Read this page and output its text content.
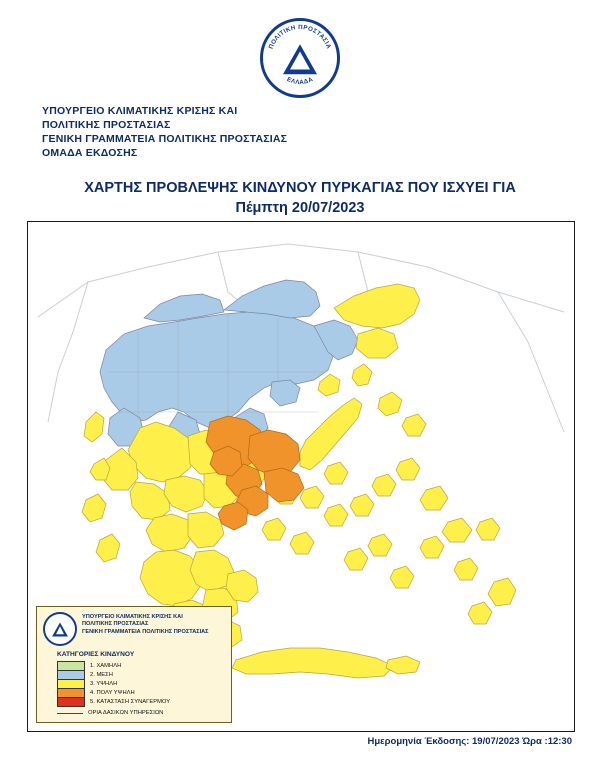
ΠΟΛΙΤΙΚΗ ΠΡΟΣΤΑΣΙΑ
ΕΛΛΑΔΑ
ΥΠΟΥΡΓΕΙΟ ΚΛΙΜΑΤΙΚΗΣ ΚΡΙΣΗΣ ΚΑΙ
ΠΟΛΙΤΙΚΗΣ ΠΡΟΣΤΑΣΙΑΣ
ΓΕΝΙΚΗ ΓΡΑΜΜΑΤΕΙΑ ΠΟΛΙΤΙΚΗΣ ΠΡΟΣΤΑΣΙΑΣ
ΟΜΑΔΑ ΕΚΔΟΣΗΣ
ΧΑΡΤΗΣ ΠΡΟΒΛΕΨΗΣ ΚΙΝΔΥΝΟΥ ΠΥΡΚΑΓΙΑΣ ΠΟΥ ΙΣΧΥΕΙ ΓΙΑ
Πέμπτη 20/07/2023
ΥΠΟΥΡΓΕΙΟ ΚΛΙΜΑΤΙΚΗΣ ΚΡΙΣΗΣ ΚΑΙ
ΠΟΛΙΤΙΚΗΣ ΠΡΟΣΤΑΣΙΑΣ
ΓΕΝΙΚΗ ΓΡΑΜΜΑΤΕΙΑ ΠΟΛΙΤΙΚΗΣ ΠΡΟΣΤΑΣΙΑΣ
ΚΑΤΗΓΟΡΙΕΣ ΚΙΝΔΥΝΟΥ
1. ΧΑΜΗΛΗ
2. ΜΕΣΗ
3. ΥΨΗΛΗ
4. ΠΟΛΥ ΥΨΗΛΗ
5. ΚΑΤΑΣΤΑΣΗ ΣΥΝΑΓΕΡΜΟΥ
ΟΡΙΑ ΔΑΣΙΚΩΝ ΥΠΗΡΕΣΙΩΝ
Ημερομηνία Έκδοσης: 19/07/2023 Ώρα :12:30
